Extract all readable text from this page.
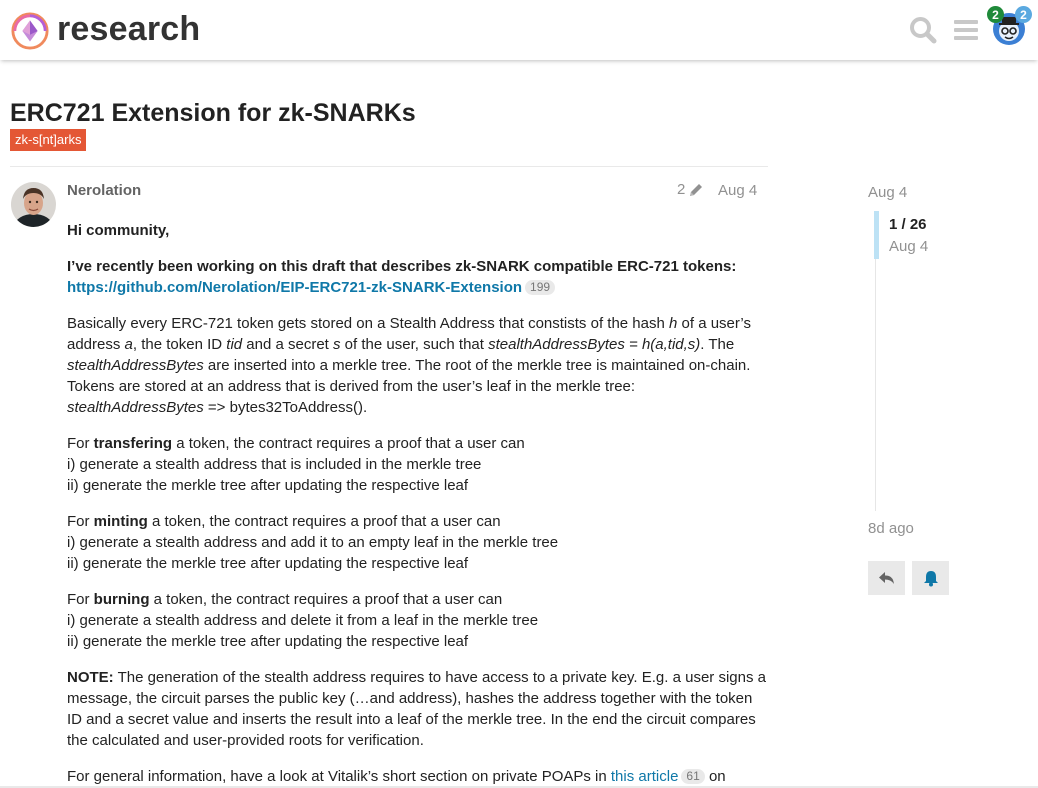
research	2	2
ERC721 Extension for zk-SNARKs
zk-s[nt]arks
Nerolation	2 Aug 4

Hi community,

I’ve recently been working on this draft that describes zk-SNARK compatible ERC-721 tokens:
https://github.com/Nerolation/EIP-ERC721-zk-SNARK-Extension 199

Basically every ERC-721 token gets stored on a Stealth Address that constists of the hash h of a user’s address a, the token ID tid and a secret s of the user, such that stealthAddressBytes = h(a,tid,s). The stealthAddressBytes are inserted into a merkle tree. The root of the merkle tree is maintained on-chain. Tokens are stored at an address that is derived from the user’s leaf in the merkle tree: stealthAddressBytes => bytes32ToAddress().

For transfering a token, the contract requires a proof that a user can
i) generate a stealth address that is included in the merkle tree
ii) generate the merkle tree after updating the respective leaf

For minting a token, the contract requires a proof that a user can
i) generate a stealth address and add it to an empty leaf in the merkle tree
ii) generate the merkle tree after updating the respective leaf

For burning a token, the contract requires a proof that a user can
i) generate a stealth address and delete it from a leaf in the merkle tree
ii) generate the merkle tree after updating the respective leaf

NOTE: The generation of the stealth address requires to have access to a private key. E.g. a user signs a message, the circuit parses the public key (…and address), hashes the address together with the token ID and a secret value and inserts the result into a leaf of the merkle tree. In the end the circuit compares the calculated and user-provided roots for verification.

For general information, have a look at Vitalik’s short section on private POAPs in this article 61 on

Aug 4
1 / 26
Aug 4
8d ago
